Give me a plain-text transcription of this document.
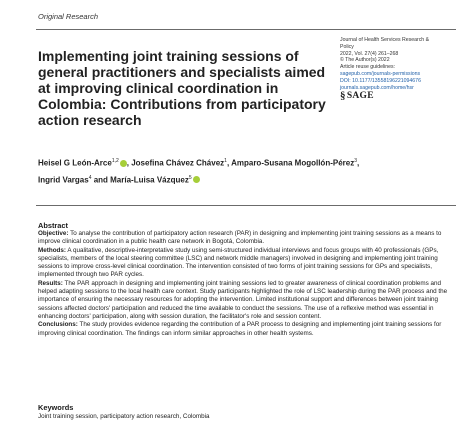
Original Research
Implementing joint training sessions of general practitioners and specialists aimed at improving clinical coordination in Colombia: Contributions from participatory action research
Journal of Health Services Research &
Policy
2022, Vol. 27(4) 261–268
© The Author(s) 2022
Article reuse guidelines:
sagepub.com/journals-permissions
DOI: 10.1177/13558196221094676
journals.sagepub.com/home/hsr
§ SAGE
Heisel G León-Arce$^{1,2}$ , Josefina Chávez Chávez$^1$, Amparo-Susana Mogollón-Pérez$^3$,
Ingrid Vargas$^4$ and María-Luisa Vázquez$^5$
Abstract

Objective: To analyse the contribution of participatory action research (PAR) in designing and implementing joint training sessions as a means to improve clinical coordination in a public health care network in Bogotá, Colombia.

Methods: A qualitative, descriptive-interpretative study using semi-structured individual interviews and focus groups with 40 professionals (GPs, specialists, members of the local steering committee (LSC) and network middle managers) involved in designing and implementing joint training sessions to improve cross-level clinical coordination. The intervention consisted of two forms of joint training sessions for GPs and specialists, implemented through two PAR cycles.

Results: The PAR approach in designing and implementing joint training sessions led to greater awareness of clinical coordination problems and helped adapting sessions to the local health care context. Study participants highlighted the role of LSC leadership during the PAR process and the importance of ensuring the necessary resources for adopting the intervention. Limited institutional support and differences between joint training sessions affected doctors' participation and reduced the time available to conduct the sessions. The use of a reflexive method was essential in enhancing doctors' participation, along with session duration, the facilitator's role and session content.

Conclusions: The study provides evidence regarding the contribution of a PAR process to designing and implementing joint training sessions for improving clinical coordination. The findings can inform similar approaches in other health systems.

Keywords
Joint training session, participatory action research, Colombia
